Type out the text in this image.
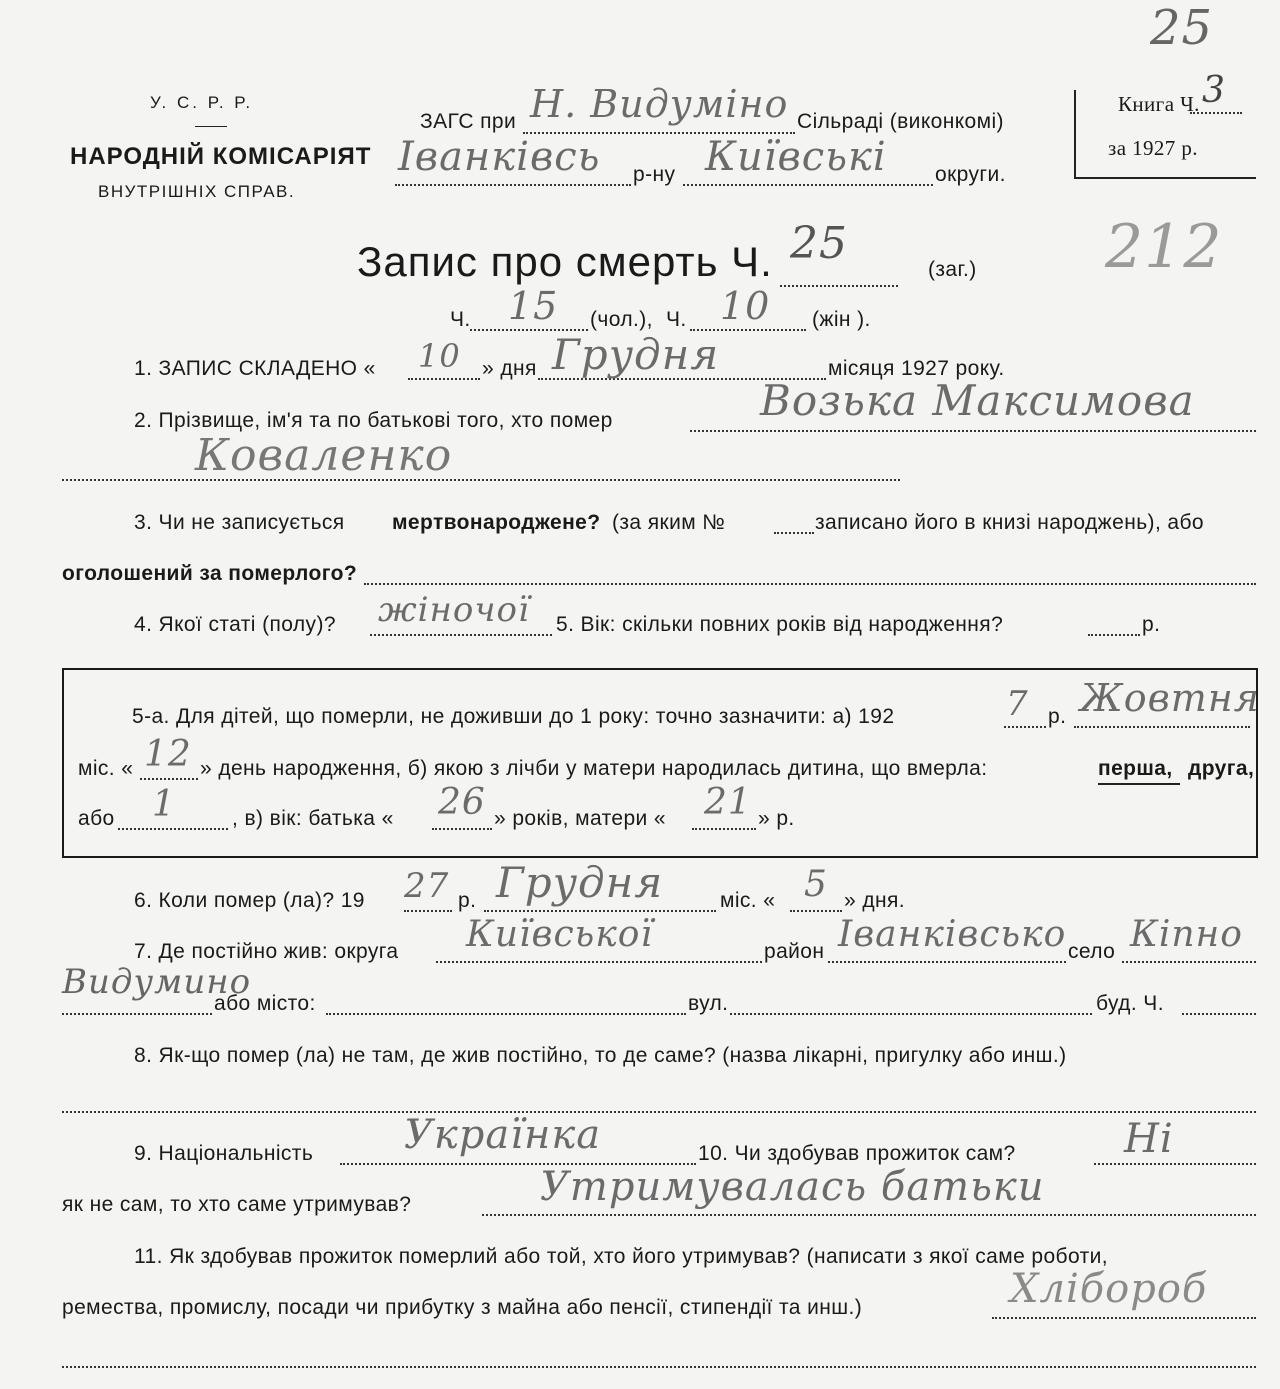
У. С. Р. Р.
НАРОДНІЙ КОМІСАРІЯТ
ВНУТРІШНІХ СПРАВ.
ЗАГС при Н. Видуміно Сільраді (виконкомі)
Іванківсь р-ну Київські округи.
Книга Ч. 3
за 1927 р.
25
212
Запис про смерть Ч. 25
(заг.)
Ч. 15 (чол.), Ч. 10 (жін ).
1. ЗАПИС СКЛАДЕНО « 10 » дня Грудня	місяця 1927 року.
2. Прізвище, ім'я та по батькові того, хто помер	Возька Максимова
Коваленко
3. Чи не записується мертвонароджене? (за яким №	записано його в книзі народжень), або
оголошений за померлого?
4. Якої статі (полу)? жіночої 5. Вік: скільки повних років від народження?	р.
5-а. Для дітей, що померли, не доживши до 1 року: точно зазначити: а) 192	7 р. Жовтня
міс. « 12 » день народження, б) якою з лічби у матери народилась дитина, що вмерла:	перша, друга,
або 1	, в) вік: батька « 26 » років, матери « 21 » р.
6. Коли помер (ла)? 19 27 р. Грудня	міс. « 5 » дня.
7. Де постійно жив: округа Київської	район Іванківсько село Кіпно
Видумино
або місто:	вул.	буд. Ч.
8. Як-що помер (ла) не там, де жив постійно, то де саме? (назва лікарні, пригулку або инш.)
9. Національність Українка	10. Чи здобував прожиток сам?	Ні
як не сам, то хто саме утримував?	Утримувалась батьки
11. Як здобував прожиток померлий або той, хто його утримував? (написати з якої саме роботи,
ремества, промислу, посади чи прибутку з майна або пенсії, стипендії та инш.)	Хлібороб
